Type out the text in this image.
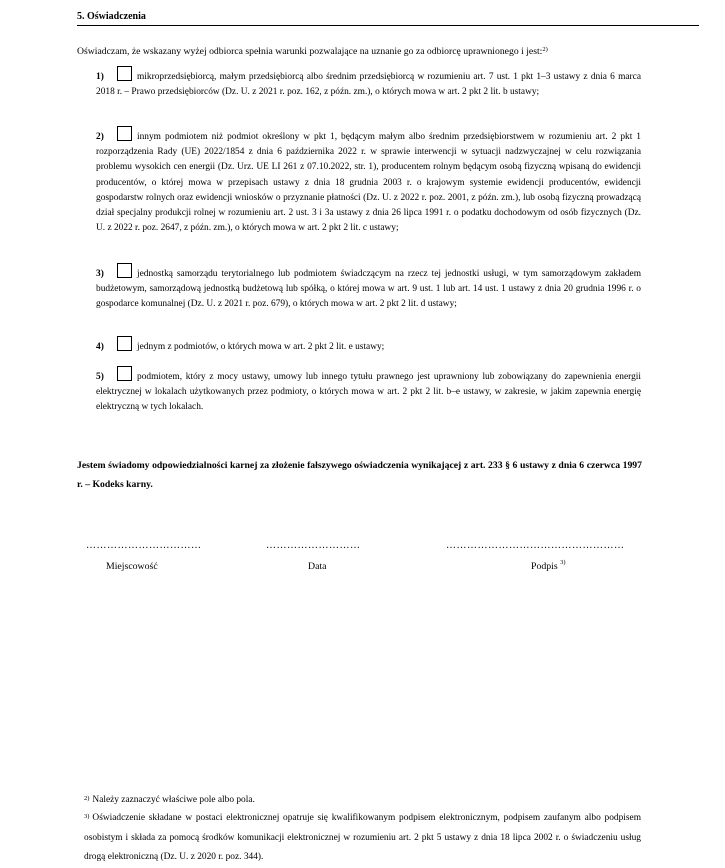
5. Oświadczenia
Oświadczam, że wskazany wyżej odbiorca spełnia warunki pozwalające na uznanie go za odbiorcę uprawnionego i jest:$^{2)}$
1)	mikroprzedsiębiorcą, małym przedsiębiorcą albo średnim przedsiębiorcą w rozumieniu art. 7 ust. 1 pkt 1–3 ustawy z dnia 6 marca 2018 r. – Prawo przedsiębiorców (Dz. U. z 2021 r. poz. 162, z późn. zm.), o których mowa w art. 2 pkt 2 lit. b ustawy;
2)	innym podmiotem niż podmiot określony w pkt 1, będącym małym albo średnim przedsiębiorstwem w rozumieniu art. 2 pkt 1 rozporządzenia Rady (UE) 2022/1854 z dnia 6 października 2022 r. w sprawie interwencji w sytuacji nadzwyczajnej w celu rozwiązania problemu wysokich cen energii (Dz. Urz. UE LI 261 z 07.10.2022, str. 1), producentem rolnym będącym osobą fizyczną wpisaną do ewidencji producentów, o której mowa w przepisach ustawy z dnia 18 grudnia 2003 r. o krajowym systemie ewidencji producentów, ewidencji gospodarstw rolnych oraz ewidencji wniosków o przyznanie płatności (Dz. U. z 2022 r. poz. 2001, z późn. zm.), lub osobą fizyczną prowadzącą dział specjalny produkcji rolnej w rozumieniu art. 2 ust. 3 i 3a ustawy z dnia 26 lipca 1991 r. o podatku dochodowym od osób fizycznych (Dz. U. z 2022 r. poz. 2647, z późn. zm.), o których mowa w art. 2 pkt 2 lit. c ustawy;
3)	jednostką samorządu terytorialnego lub podmiotem świadczącym na rzecz tej jednostki usługi, w tym samorządowym zakładem budżetowym, samorządową jednostką budżetową lub spółką, o której mowa w art. 9 ust. 1 lub art. 14 ust. 1 ustawy z dnia 20 grudnia 1996 r. o gospodarce komunalnej (Dz. U. z 2021 r. poz. 679), o których mowa w art. 2 pkt 2 lit. d ustawy;
4)	jednym z podmiotów, o których mowa w art. 2 pkt 2 lit. e ustawy;
5)	podmiotem, który z mocy ustawy, umowy lub innego tytułu prawnego jest uprawniony lub zobowiązany do zapewnienia energii elektrycznej w lokalach użytkowanych przez podmioty, o których mowa w art. 2 pkt 2 lit. b–e ustawy, w zakresie, w jakim zapewnia energię elektryczną w tych lokalach.
Jestem świadomy odpowiedzialności karnej za złożenie fałszywego oświadczenia wynikającej z art. 233 § 6 ustawy z dnia 6 czerwca 1997 r. – Kodeks karny.
……………………………	………………………	……………………………………………
Miejscowość	Data	Podpis $^{3)}$
$^{2)}$ Należy zaznaczyć właściwe pole albo pola.
$^{3)}$ Oświadczenie składane w postaci elektronicznej opatruje się kwalifikowanym podpisem elektronicznym, podpisem zaufanym albo podpisem osobistym i składa za pomocą środków komunikacji elektronicznej w rozumieniu art. 2 pkt 5 ustawy z dnia 18 lipca 2002 r. o świadczeniu usług drogą elektroniczną (Dz. U. z 2020 r. poz. 344).
